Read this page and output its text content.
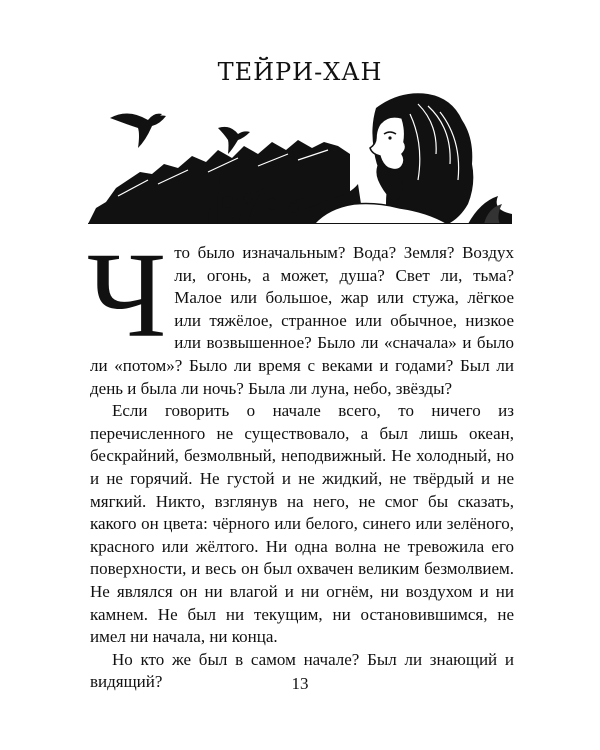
ТЕЙРИ-ХАН
Ч то было изначальным? Вода? Земля? Воздух ли, огонь, а может, душа? Свет ли, тьма? Малое или большое, жар или стужа, лёгкое или тяжёлое, странное или обычное, низкое или возвышенное? Было ли «сначала» и было ли «потом»? Было ли время с веками и годами? Был ли день и была ли ночь? Была ли луна, небо, звёзды?

Если говорить о начале всего, то ничего из перечисленного не существовало, а был лишь океан, бескрайний, безмолвный, неподвижный. Не холодный, но и не горячий. Не густой и не жидкий, не твёрдый и не мягкий. Никто, взглянув на него, не смог бы сказать, какого он цвета: чёрного или белого, синего или зелёного, красного или жёлтого. Ни одна волна не тревожила его поверхности, и весь он был охвачен великим безмолвием. Не являлся он ни влагой и ни огнём, ни воздухом и ни камнем. Не был ни текущим, ни остановившимся, не имел ни начала, ни конца.

Но кто же был в самом начале? Был ли знающий и видящий?	13
